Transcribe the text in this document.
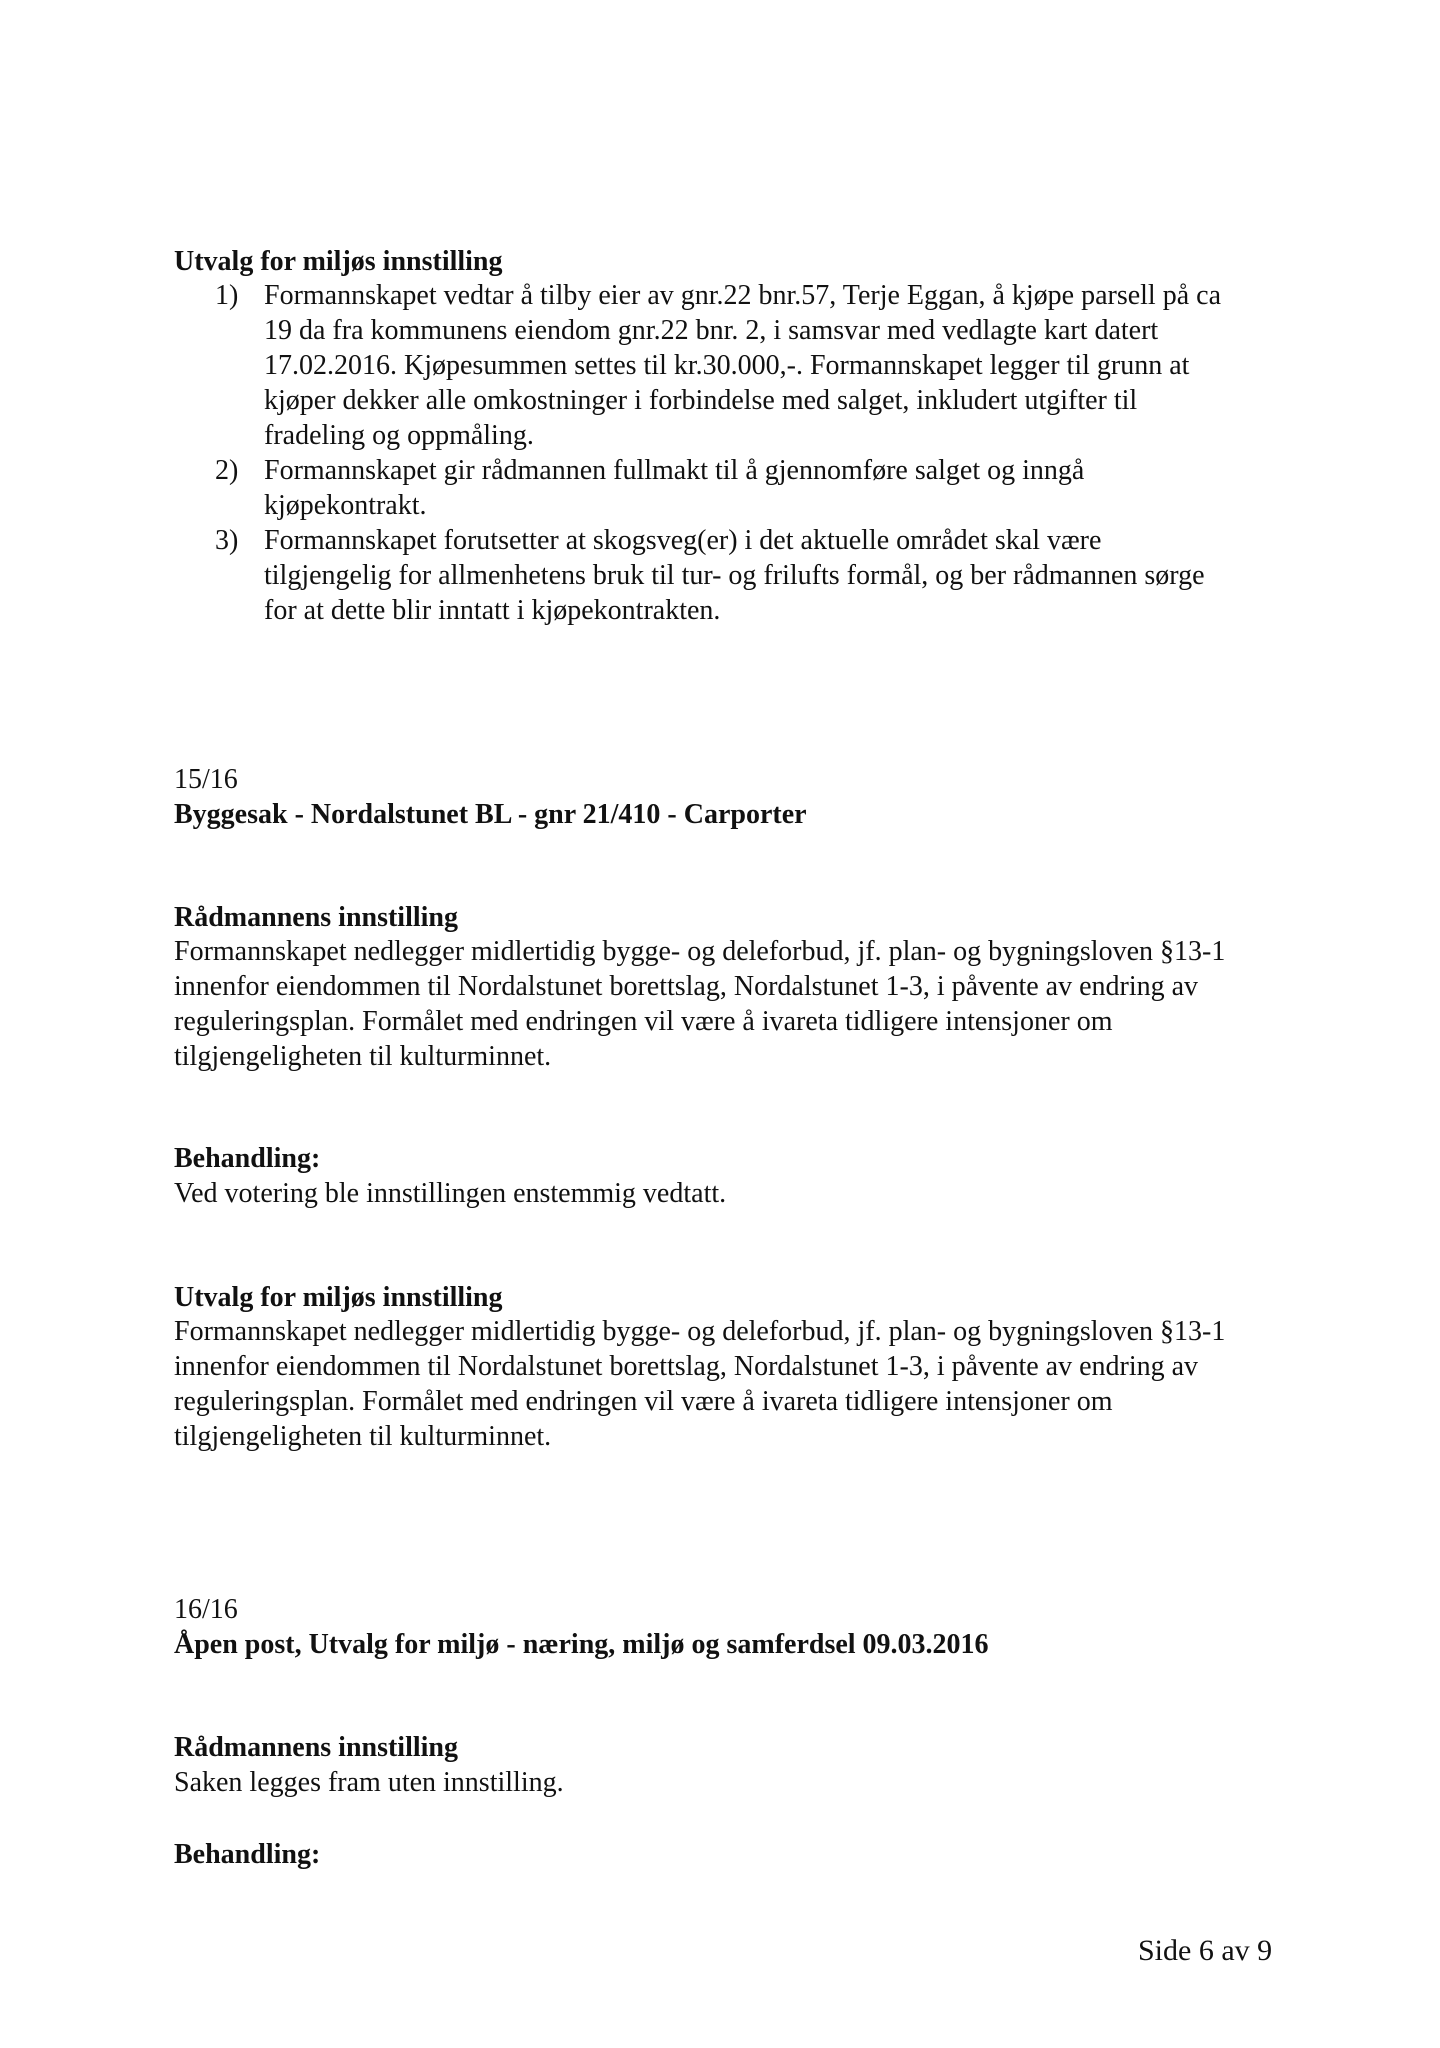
Utvalg for miljøs innstilling
1) Formannskapet vedtar å tilby eier av gnr.22 bnr.57, Terje Eggan, å kjøpe parsell på ca
19 da fra kommunens eiendom gnr.22 bnr. 2, i samsvar med vedlagte kart datert
17.02.2016. Kjøpesummen settes til kr.30.000,-. Formannskapet legger til grunn at
kjøper dekker alle omkostninger i forbindelse med salget, inkludert utgifter til
fradeling og oppmåling.
2) Formannskapet gir rådmannen fullmakt til å gjennomføre salget og inngå
kjøpekontrakt.
3) Formannskapet forutsetter at skogsveg(er) i det aktuelle området skal være
tilgjengelig for allmenhetens bruk til tur- og frilufts formål, og ber rådmannen sørge
for at dette blir inntatt i kjøpekontrakten.
15/16
Byggesak - Nordalstunet BL - gnr 21/410 - Carporter
Rådmannens innstilling
Formannskapet nedlegger midlertidig bygge- og deleforbud, jf. plan- og bygningsloven §13-1
innenfor eiendommen til Nordalstunet borettslag, Nordalstunet 1-3, i påvente av endring av
reguleringsplan. Formålet med endringen vil være å ivareta tidligere intensjoner om
tilgjengeligheten til kulturminnet.
Behandling:
Ved votering ble innstillingen enstemmig vedtatt.
Utvalg for miljøs innstilling
Formannskapet nedlegger midlertidig bygge- og deleforbud, jf. plan- og bygningsloven §13-1
innenfor eiendommen til Nordalstunet borettslag, Nordalstunet 1-3, i påvente av endring av
reguleringsplan. Formålet med endringen vil være å ivareta tidligere intensjoner om
tilgjengeligheten til kulturminnet.
16/16
Åpen post, Utvalg for miljø - næring, miljø og samferdsel 09.03.2016
Rådmannens innstilling
Saken legges fram uten innstilling.
Behandling:
Side 6 av 9
